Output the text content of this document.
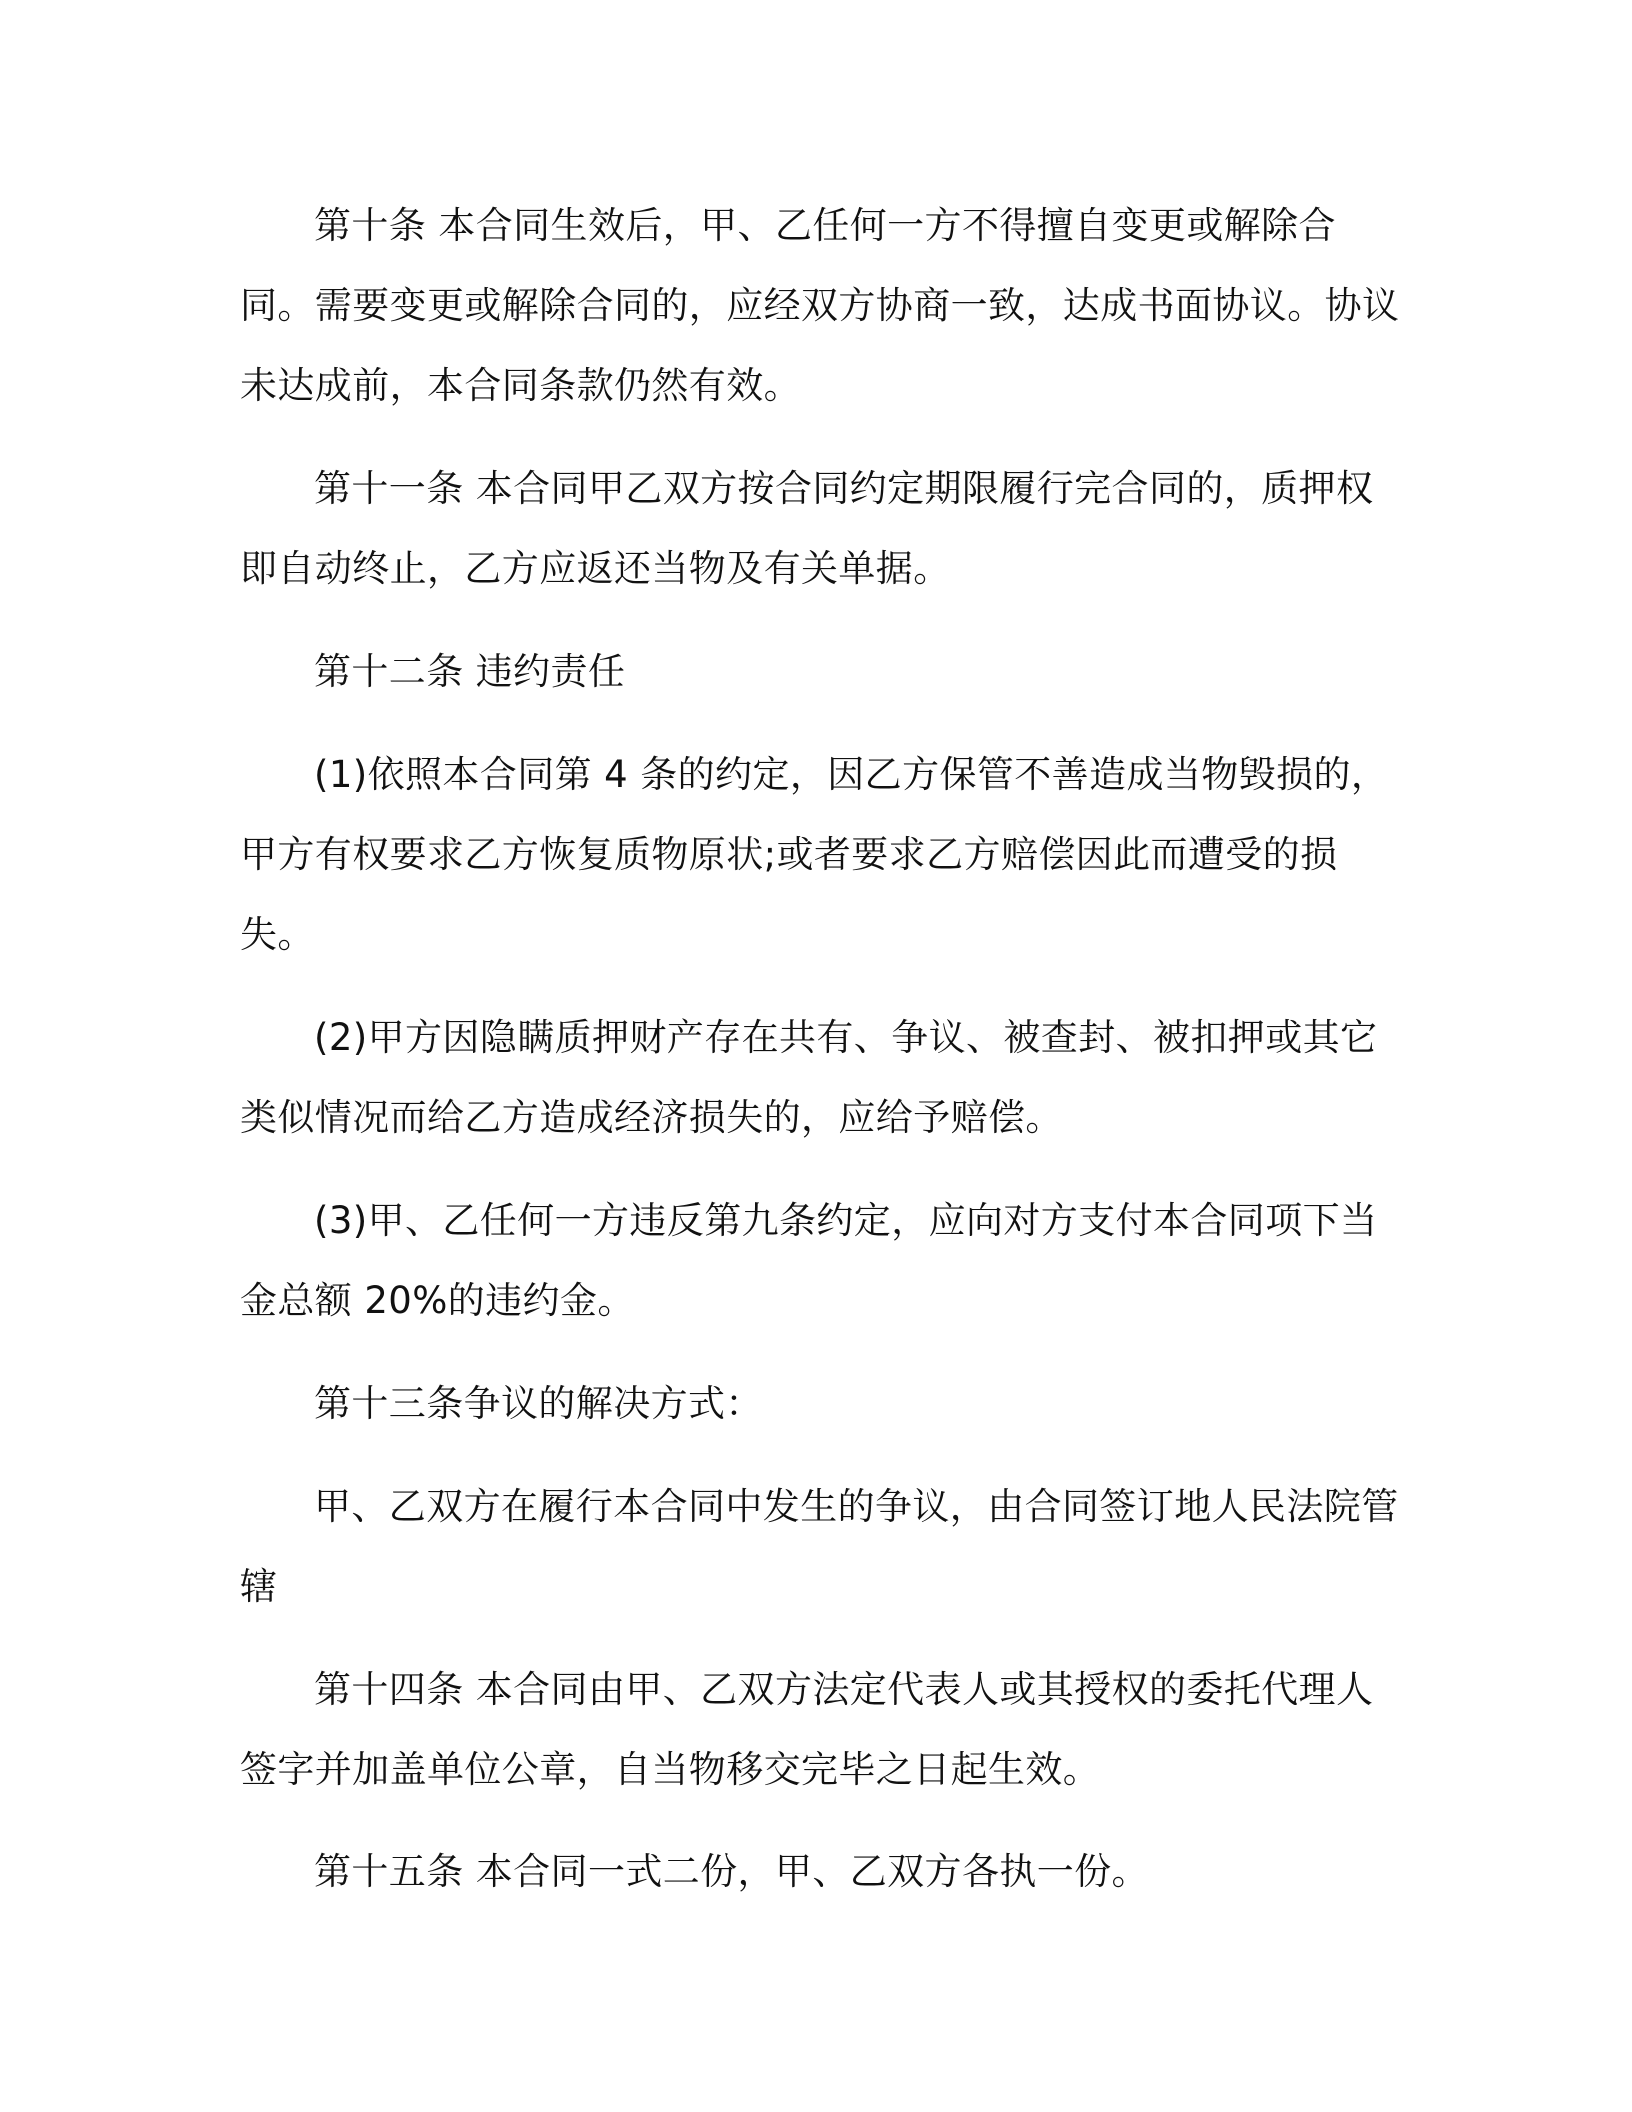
第十条 本合同生效后，甲、乙任何一方不得擅自变更或解除合同。需要变更或解除合同的，应经双方协商一致，达成书面协议。协议未达成前，本合同条款仍然有效。

第十一条 本合同甲乙双方按合同约定期限履行完合同的，质押权即自动终止，乙方应返还当物及有关单据。

第十二条 违约责任

(1)依照本合同第 4 条的约定，因乙方保管不善造成当物毁损的，甲方有权要求乙方恢复质物原状;或者要求乙方赔偿因此而遭受的损失。

(2)甲方因隐瞒质押财产存在共有、争议、被查封、被扣押或其它类似情况而给乙方造成经济损失的，应给予赔偿。

(3)甲、乙任何一方违反第九条约定，应向对方支付本合同项下当金总额 20%的违约金。

第十三条争议的解决方式：

甲、乙双方在履行本合同中发生的争议，由合同签订地人民法院管辖

第十四条 本合同由甲、乙双方法定代表人或其授权的委托代理人签字并加盖单位公章，自当物移交完毕之日起生效。

第十五条 本合同一式二份，甲、乙双方各执一份。
